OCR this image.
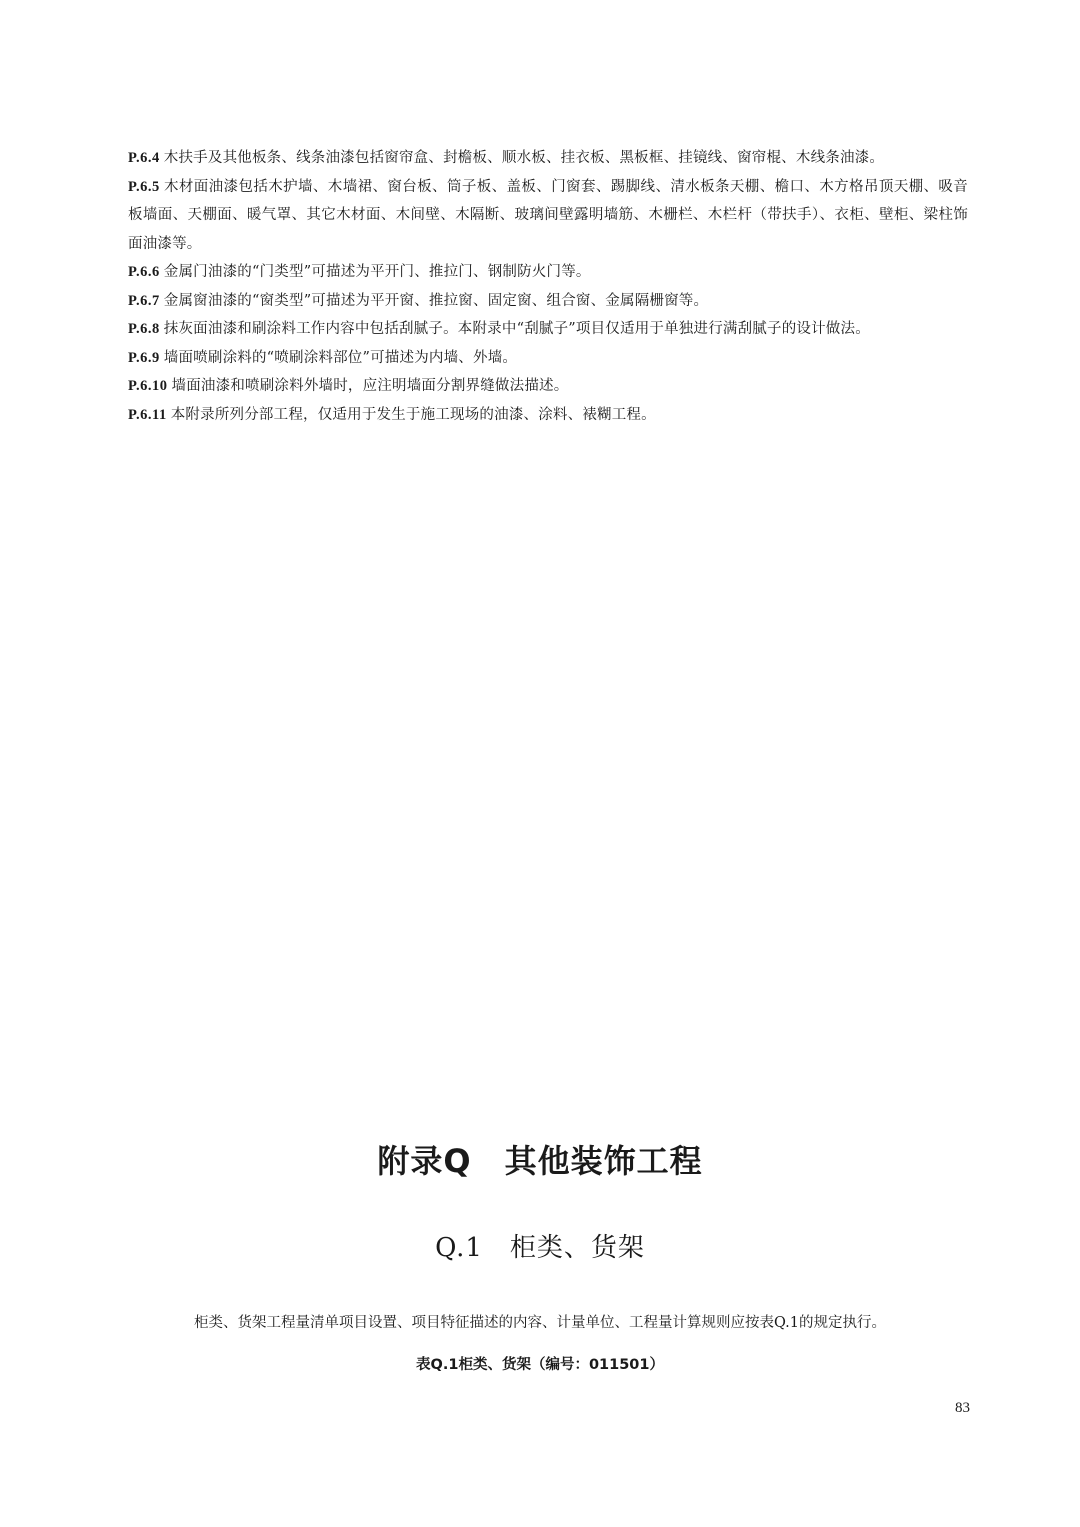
P.6.4 木扶手及其他板条、线条油漆包括窗帘盒、封檐板、顺水板、挂衣板、黑板框、挂镜线、窗帘棍、木线条油漆。

P.6.5 木材面油漆包括木护墙、木墙裙、窗台板、筒子板、盖板、门窗套、踢脚线、清水板条天棚、檐口、木方格吊顶天棚、吸音板墙面、天棚面、暖气罩、其它木材面、木间壁、木隔断、玻璃间壁露明墙筋、木栅栏、木栏杆（带扶手）、衣柜、壁柜、梁柱饰面油漆等。

P.6.6 金属门油漆的“门类型”可描述为平开门、推拉门、钢制防火门等。

P.6.7 金属窗油漆的“窗类型”可描述为平开窗、推拉窗、固定窗、组合窗、金属隔栅窗等。

P.6.8 抹灰面油漆和刷涂料工作内容中包括刮腻子。本附录中“刮腻子”项目仅适用于单独进行满刮腻子的设计做法。

P.6.9 墙面喷刷涂料的“喷刷涂料部位”可描述为内墙、外墙。

P.6.10 墙面油漆和喷刷涂料外墙时，应注明墙面分割界缝做法描述。

P.6.11 本附录所列分部工程，仅适用于发生于施工现场的油漆、涂料、裱糊工程。

附录Q　其他装饰工程
Q.1　柜类、货架

柜类、货架工程量清单项目设置、项目特征描述的内容、计量单位、工程量计算规则应按表Q.1的规定执行。

表Q.1柜类、货架（编号：011501）

83
